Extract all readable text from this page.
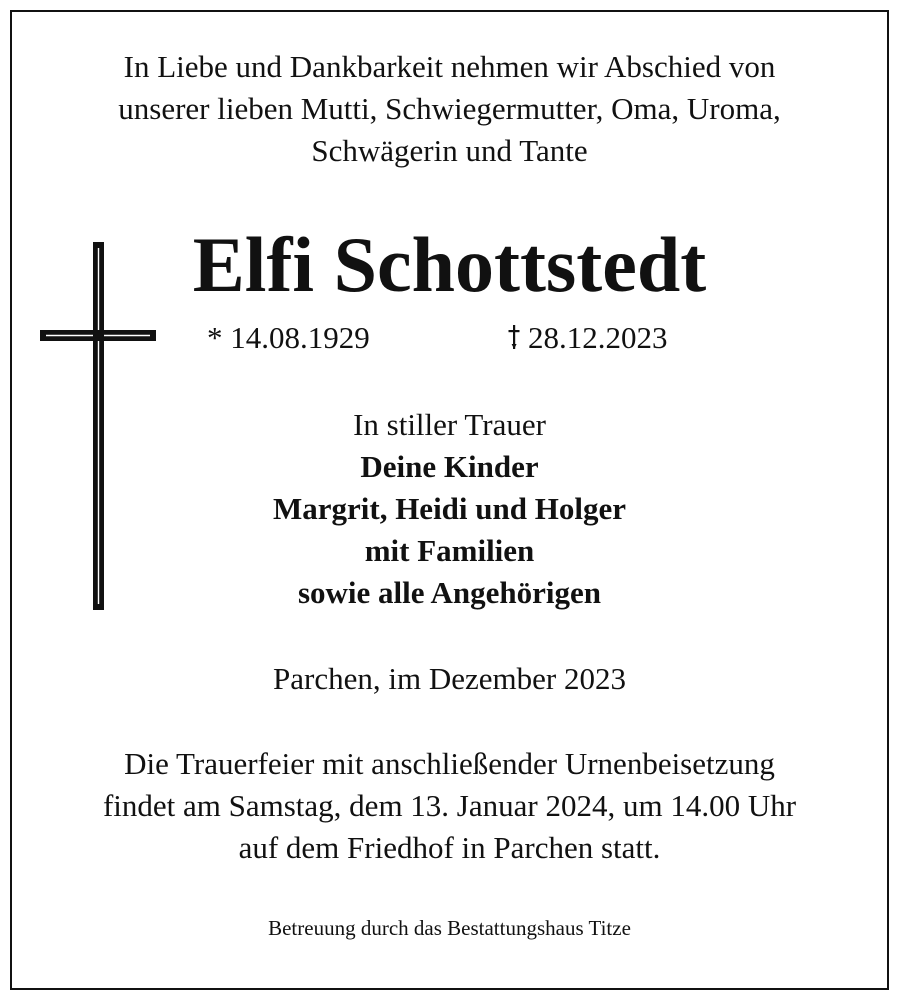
In Liebe und Dankbarkeit nehmen wir Abschied von
unserer lieben Mutti, Schwiegermutter, Oma, Uroma,
Schwägerin und Tante
Elfi Schottstedt
* 14.08.1929	28.12.2023
In stiller Trauer
Deine Kinder
Margrit, Heidi und Holger
mit Familien
sowie alle Angehörigen
Parchen, im Dezember 2023
Die Trauerfeier mit anschließender Urnenbeisetzung
findet am Samstag, dem 13. Januar 2024, um 14.00 Uhr
auf dem Friedhof in Parchen statt.
Betreuung durch das Bestattungshaus Titze
